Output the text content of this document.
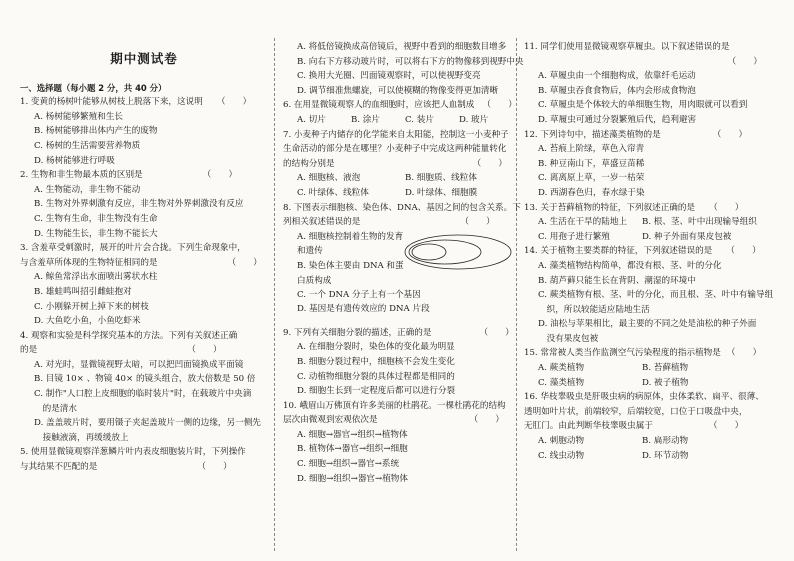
期中测试卷
一、选择题（每小题 2 分，共 40 分）
1. 变黄的杨树叶能够从树枝上脱落下来，这说明 （　　）
A. 杨树能够繁殖和生长
B. 杨树能够排出体内产生的废物
C. 杨树的生活需要营养物质
D. 杨树能够进行呼吸
2. 生物和非生物最本质的区别是	（　　）
A. 生物能动，非生物不能动
B. 生物对外界刺激有反应，非生物对外界刺激没有反应
C. 生物有生命，非生物没有生命
D. 生物能生长，非生物不能长大
3. 含羞草受刺激时，展开的叶片会合拢。下列生命现象中，
与含羞草所体现的生物特征相同的是	（　　）
A. 鲸鱼常浮出水面喷出雾状水柱
B. 雄蛙鸣叫招引雌蛙抱对
C. 小刚躲开树上掉下来的树枝
D. 大鱼吃小鱼，小鱼吃虾米
4. 观察和实验是科学探究基本的方法。下列有关叙述正确
的是	（　　）
A. 对光时，显微镜视野太暗，可以把凹面镜换成平面镜
B. 目镜 10× 、物镜 40× 的镜头组合，放大倍数是 50 倍
C. 制作"人口腔上皮细胞的临时装片"时，在载玻片中央滴
　的是清水
D. 盖盖玻片时，要用镊子夹起盖玻片一侧的边缘，另一侧先
　接触液滴，再缓缓放上
5. 使用显微镜观察洋葱鳞片叶内表皮细胞装片时，下列操作
与其结果不匹配的是	（　　）
A. 将低倍镜换成高倍镜后，视野中看到的细胞数目增多
B. 向右下方移动玻片时，可以将右下方的物像移到视野中央
C. 换用大光圈、凹面镜观察时，可以使视野变亮
D. 调节细准焦螺旋，可以使模糊的物像变得更加清晰
6. 在用显微镜观察人的血细胞时，应该把人血制成 （　　）
A. 切片	B. 涂片	C. 装片	D. 玻片
7. 小麦种子内储存的化学能来自太阳能，控制这一小麦种子
生命活动的部分是在哪里？小麦种子中完成这两种能量转化
的结构分别是	（　　）
A. 细胞核、液泡	B. 细胞质、线粒体
C. 叶绿体、线粒体	D. 叶绿体、细胞膜
8. 下图表示细胞核、染色体、DNA、基因之间的包含关系。下
列相关叙述错误的是	（　　）
A. 细胞核控制着生物的发育
和遗传
B. 染色体主要由 DNA 和蛋
白质构成
C. 一个 DNA 分子上有一个基因
D. 基因是有遗传效应的 DNA 片段
9. 下列有关细胞分裂的描述，正确的是	（　　）
A. 在细胞分裂时，染色体的变化最为明显
B. 细胞分裂过程中，细胞核不会发生变化
C. 动植物细胞分裂的具体过程都是相同的
D. 细胞生长到一定程度后都可以进行分裂
10. 峨眉山万佛顶有许多美丽的杜鹃花。一棵杜鹃花的结构
层次由微观到宏观依次是	（　　）
A. 细胞→器官→组织→植物体
B. 植物体→器官→组织→细胞
C. 细胞→组织→器官→系统
D. 细胞→组织→器官→植物体
11. 同学们使用显微镜观察草履虫。以下叙述错误的是
（　　）
A. 草履虫由一个细胞构成，依靠纤毛运动
B. 草履虫吞食食物后，体内会形成食物泡
C. 草履虫是个体较大的单细胞生物，用肉眼就可以看到
D. 草履虫可通过分裂繁殖后代，趋利避害
12. 下列诗句中，描述藻类植物的是	（　　）
A. 苔痕上阶绿，草色入帘青
B. 种豆南山下，草盛豆苗稀
C. 离离原上草，一岁一枯荣
D. 西湖春色归，春水绿于染
13. 关于苔藓植物的特征，下列叙述正确的是 （　　）
A. 生活在干旱的陆地上 B. 根、茎、叶中出现输导组织
C. 用孢子进行繁殖	D. 种子外面有果皮包被
14. 关于植物主要类群的特征，下列叙述错误的是 （　　）
A. 藻类植物结构简单，都没有根、茎、叶的分化
B. 葫芦藓只能生长在背阴、潮湿的环境中
C. 蕨类植物有根、茎、叶的分化，而且根、茎、叶中有输导组
　织，所以较能适应陆地生活
D. 油松与苹果相比，最主要的不同之处是油松的种子外面
　没有果皮包被
15. 常常被人类当作监测空气污染程度的指示植物是 （　　）
A. 蕨类植物	B. 苔藓植物
C. 藻类植物	D. 被子植物
16. 华枝睾吸虫是肝吸虫病的病原体，虫体柔软、扁平、很薄、
透明如叶片状，前端较窄，后端较宽，口位于口吸盘中央，
无肛门。由此判断华枝睾吸虫属于	（　　）
A. 刺胞动物	B. 扁形动物
C. 线虫动物	D. 环节动物
